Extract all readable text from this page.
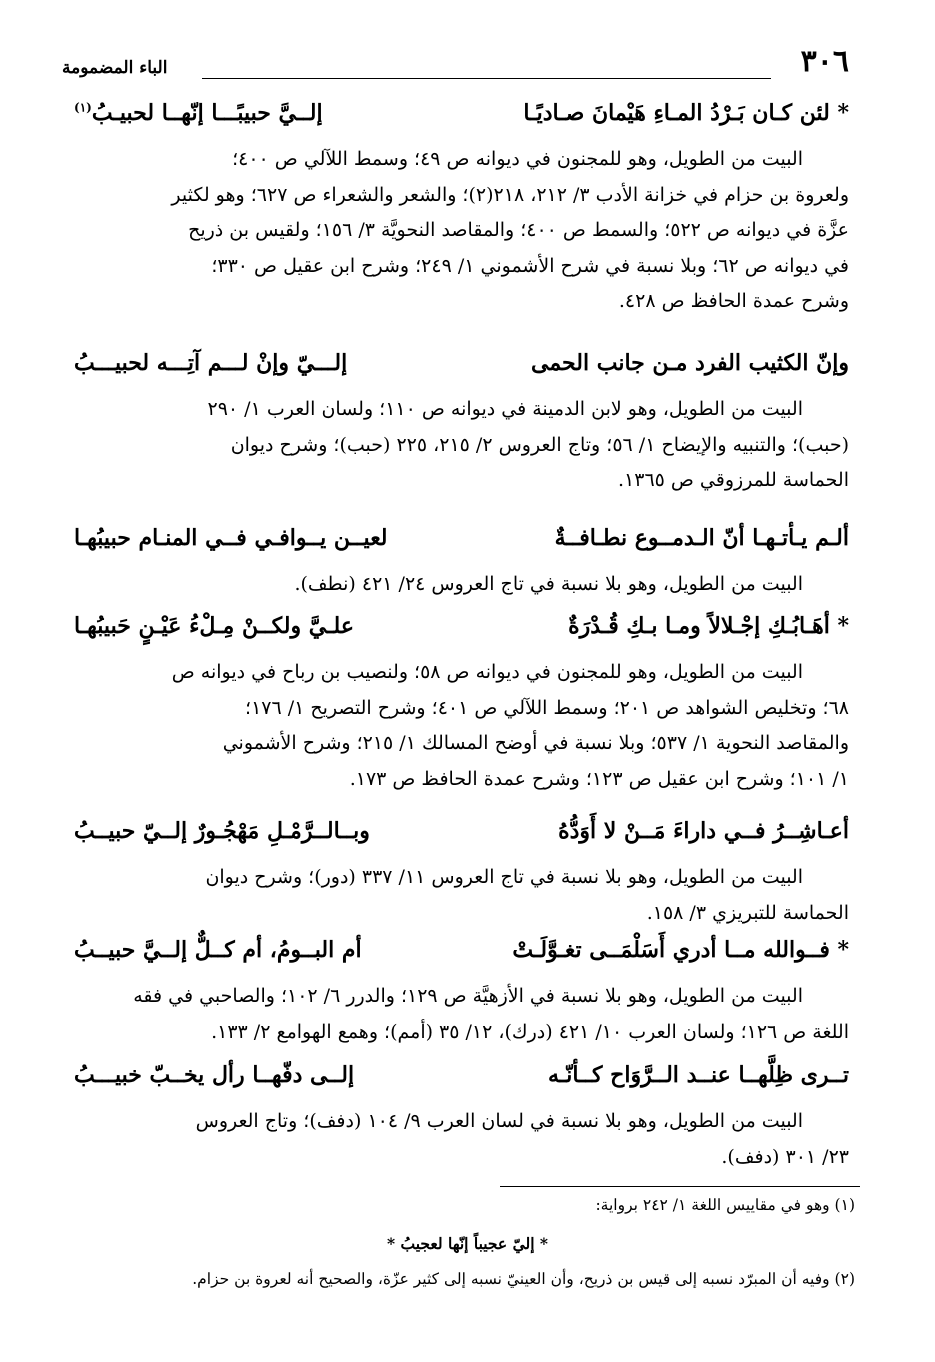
٣٠٦
الباء المضمومة
* لئن كـان بَـرْدُ المـاءِ هَيْمانَ صـاديًـا
إلــيَّ حبيبًـــا إنّهــا لحبيـبُ$^{(١)}$

البيت من الطويل، وهو للمجنون في ديوانه ص ٤٩؛ وسمط اللآلي ص ٤٠٠؛

ولعروة بن حزام في خزانة الأدب ٣/ ٢١٢، ٢١٨(٢)؛ والشعر والشعراء ص ٦٢٧؛ وهو لكثير

عزَّة في ديوانه ص ٥٢٢؛ والسمط ص ٤٠٠؛ والمقاصد النحويَّة ٣/ ١٥٦؛ ولقيس بن ذريح

في ديوانه ص ٦٢؛ وبلا نسبة في شرح الأشموني ١/ ٢٤٩؛ وشرح ابن عقيل ص ٣٣٠؛

وشرح عمدة الحافظ ص ٤٢٨.

وإنّ الكثيب الفرد مـن جانب الحمى
إلـــيّ وإنْ لـــم آتِـــه لحبيـــبُ

البيت من الطويل، وهو لابن الدمينة في ديوانه ص ١١٠؛ ولسان العرب ١/ ٢٩٠

(حبب)؛ والتنبيه والإيضاح ١/ ٥٦؛ وتاج العروس ٢/ ٢١٥، ٢٢٥ (حبب)؛ وشرح ديوان

الحماسة للمرزوقي ص ١٣٦٥.

ألـم يـأتـهـا أنّ الـدمــوع نطـافــةٌ
لعيــن يــوافـي فــي المنـام حبيبُهـا

البيت من الطويل، وهو بلا نسبة في تاج العروس ٢٤/ ٤٢١ (نطف).

* أهَـابُـكِ إجْـلالاً ومـا بـكِ قُـدْرَةٌ
علـيَّ ولكــنْ مِـلْءُ عَيْـنٍ حَبيبُهـا

البيت من الطويل، وهو للمجنون في ديوانه ص ٥٨؛ ولنصيب بن رباح في ديوانه ص

٦٨؛ وتخليص الشواهد ص ٢٠١؛ وسمط اللآلي ص ٤٠١؛ وشرح التصريح ١/ ١٧٦؛

والمقاصد النحوية ١/ ٥٣٧؛ وبلا نسبة في أوضح المسالك ١/ ٢١٥؛ وشرح الأشموني

١/ ١٠١؛ وشرح ابن عقيل ص ١٢٣؛ وشرح عمدة الحافظ ص ١٧٣.

أعـاشِــرُ فــي داراءَ مَــنْ لا أَوَدُّهُ
وبــالــرَّمْـلِ مَهْجُـورٌ إلــيّ حبيــبُ

البيت من الطويل، وهو بلا نسبة في تاج العروس ١١/ ٣٣٧ (دور)؛ وشرح ديوان

الحماسة للتبريزي ٣/ ١٥٨.

* فــوالله مــا أدري أَسَلْمَــى تغـوَّلَـتْ
أم البــومُ، أم كــلٌّ إلــيَّ حبيــبُ

البيت من الطويل، وهو بلا نسبة في الأزهيَّة ص ١٢٩؛ والدرر ٦/ ١٠٢؛ والصاحبي في فقه

اللغة ص ١٢٦؛ ولسان العرب ١٠/ ٤٢١ (درك)، ١٢/ ٣٥ (أمم)؛ وهمع الهوامع ٢/ ١٣٣.

تــرى ظِلَّهــا عنــد الــرَّوَاح كــأنّـه
إلــى دفّهــا رأل يخــبّ خبيـــبُ

البيت من الطويل، وهو بلا نسبة في لسان العرب ٩/ ١٠٤ (دفف)؛ وتاج العروس

٢٣/ ٣٠١ (دفف).

(١) وهو في مقاييس اللغة ١/ ٢٤٢ برواية:
* إليّ عجيباً إنّها لعجيبُ *
(٢) وفيه أن المبرّد نسبه إلى قيس بن ذريح، وأن العينيّ نسبه إلى كثير عزّة، والصحيح أنه لعروة بن حزام.
